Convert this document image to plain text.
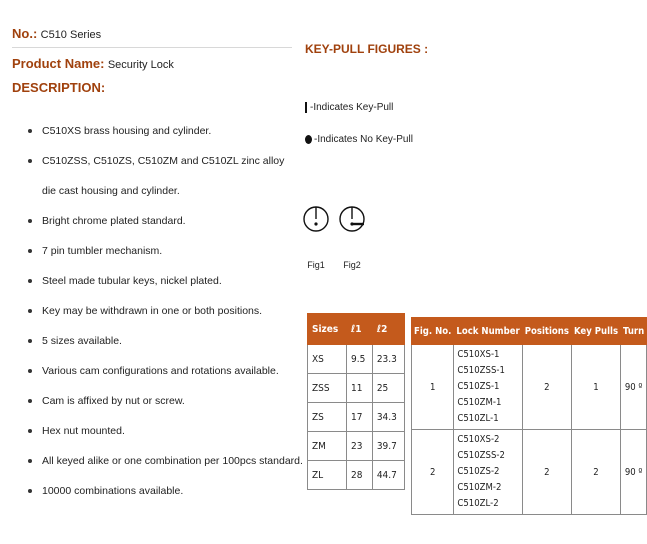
No.: C510 Series
Product Name: Security Lock
DESCRIPTION:
C510XS brass housing and cylinder.
C510ZSS, C510ZS, C510ZM and C510ZL zinc alloy
die cast housing and cylinder.
Bright chrome plated standard.
7 pin tumbler mechanism.
Steel made tubular keys, nickel plated.
Key may be withdrawn in one or both positions.
5 sizes available.
Various cam configurations and rotations available.
Cam is affixed by nut or screw.
Hex nut mounted.
All keyed alike or one combination per 100pcs standard.
10000 combinations available.
KEY-PULL FIGURES :
-Indicates Key-Pull
-Indicates No Key-Pull
Fig1	Fig2
Sizes	ℓ1	ℓ2
XS	9.5	23.3
ZSS	11	25
ZS	17	34.3
ZM	23	39.7
ZL	28	44.7
Fig. No.	Lock Number	Positions	Key Pulls	Turn
1	C510XS-1 C510ZSS-1
C510ZS-1 C510ZM-1
C510ZL-1	2	1	90 º
2	C510XS-2 C510ZSS-2
C510ZS-2 C510ZM-2
C510ZL-2	2	2	90 º
